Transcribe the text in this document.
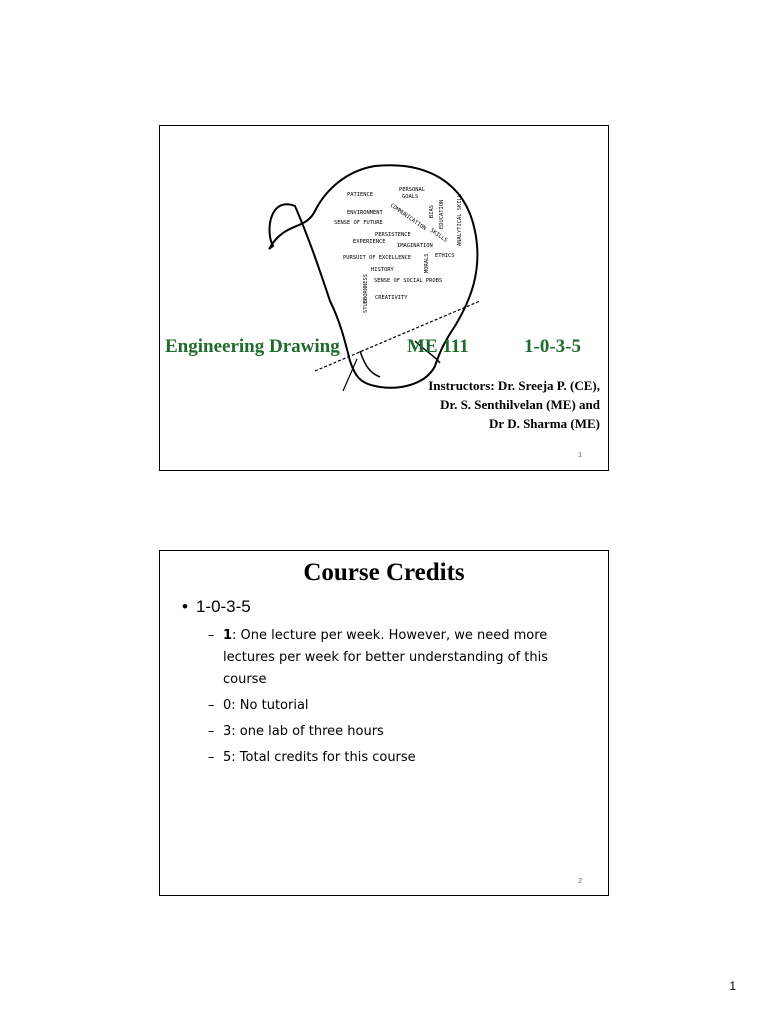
PATIENCE
PERSONAL
GOALS
ENVIRONMENT
SENSE OF FUTURE COMMUNICATION
SKILLS
BIAS EDUCATION ANALYTICAL SKILL
PERSISTENCE
EXPERIENCE
IMAGINATION
PURSUIT OF EXCELLENCE	ETHICS
HISTORY	MORALS
SENSE OF SOCIAL PROBS
STUBBORNNESS CREATIVITY
Engineering Drawing	ME 111	1-0-3-5
Instructors: Dr. Sreeja P. (CE),
Dr. S. Senthilvelan (ME) and
Dr D. Sharma (ME)
1
Course Credits
• 1-0-3-5
– 1: One lecture per week. However, we need more lectures per week for better understanding of this course
– 0: No tutorial
– 3: one lab of three hours
– 5: Total credits for this course
2
1
